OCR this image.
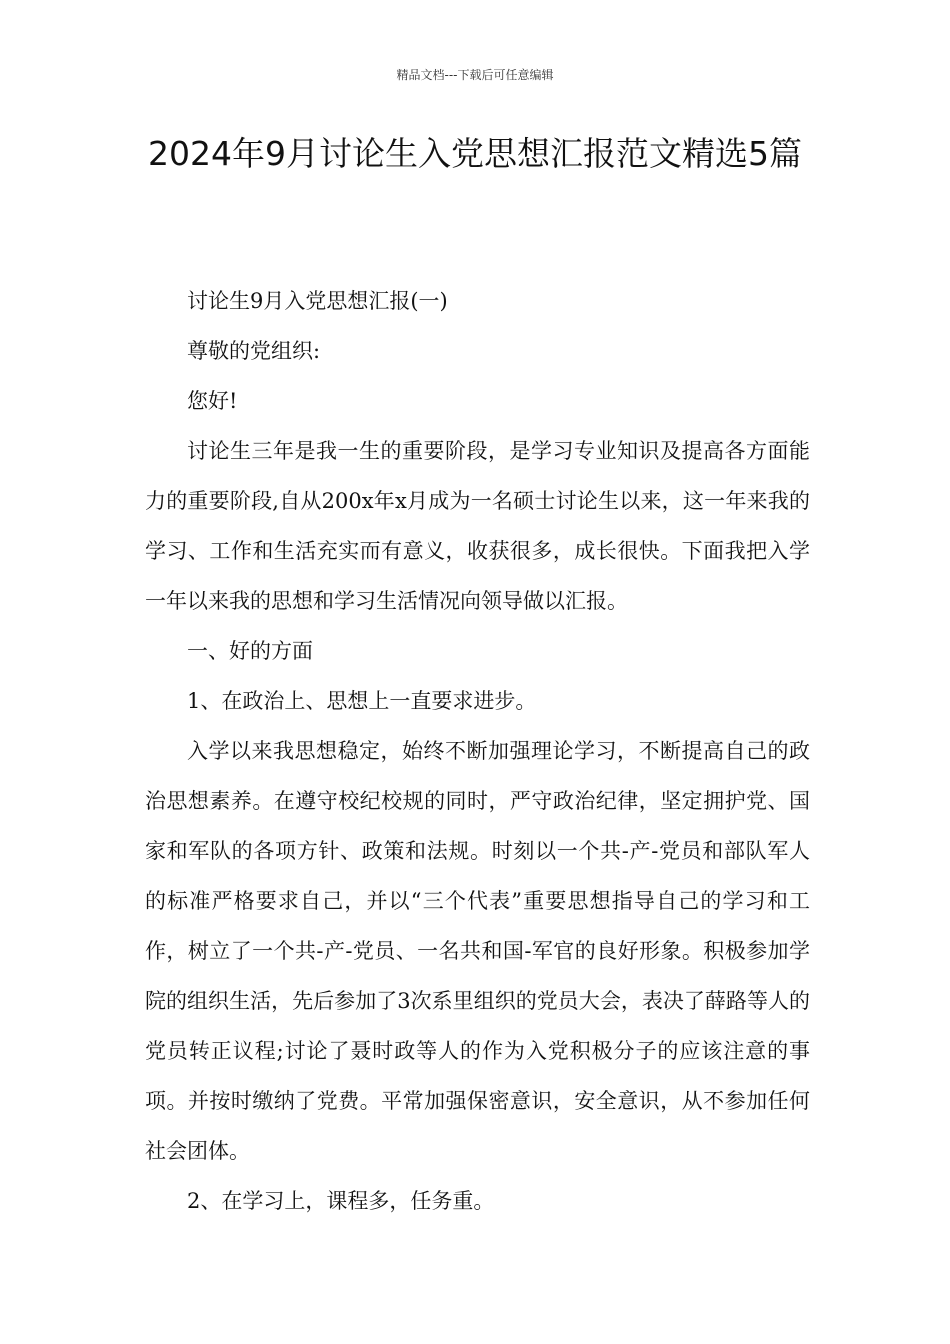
精品文档---下载后可任意编辑
2024年9月讨论生入党思想汇报范文精选5篇

讨论生9月入党思想汇报(一)

尊敬的党组织:

您好!

讨论生三年是我一生的重要阶段，是学习专业知识及提高各方面能力的重要阶段,自从200x年x月成为一名硕士讨论生以来，这一年来我的学习、工作和生活充实而有意义，收获很多，成长很快。下面我把入学一年以来我的思想和学习生活情况向领导做以汇报。

一、好的方面

1、在政治上、思想上一直要求进步。

入学以来我思想稳定，始终不断加强理论学习，不断提高自己的政治思想素养。在遵守校纪校规的同时，严守政治纪律，坚定拥护党、国家和军队的各项方针、政策和法规。时刻以一个共-产-党员和部队军人的标准严格要求自己，并以“三个代表”重要思想指导自己的学习和工作，树立了一个共-产-党员、一名共和国-军官的良好形象。积极参加学院的组织生活，先后参加了3次系里组织的党员大会，表决了薛路等人的党员转正议程;讨论了聂时政等人的作为入党积极分子的应该注意的事项。并按时缴纳了党费。平常加强保密意识，安全意识，从不参加任何社会团体。

2、在学习上，课程多，任务重。
